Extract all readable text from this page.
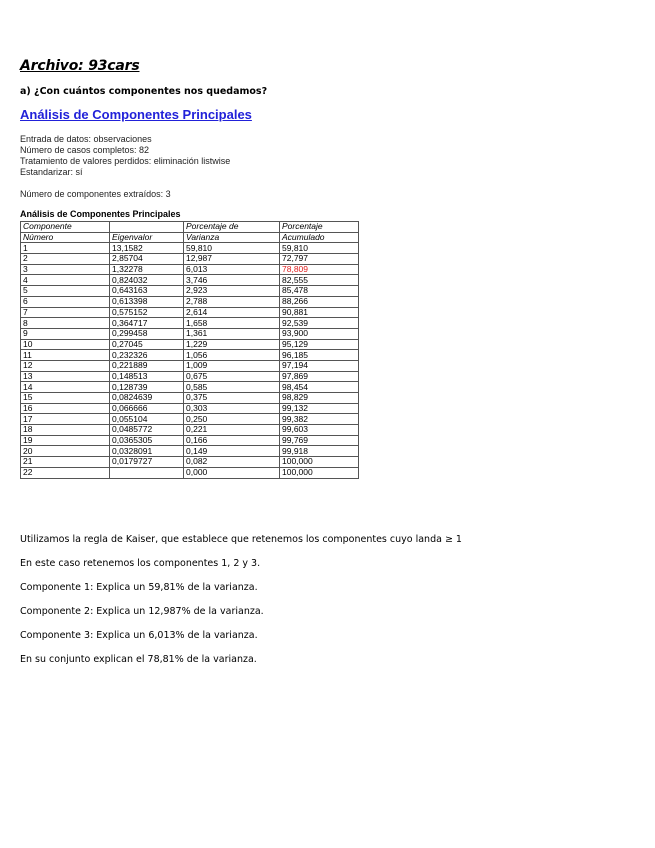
Archivo: 93cars
a) ¿Con cuántos componentes nos quedamos?
Análisis de Componentes Principales
Entrada de datos: observaciones
Número de casos completos: 82
Tratamiento de valores perdidos: eliminación listwise
Estandarizar: sí
Número de componentes extraídos: 3
Análisis de Componentes Principales
Componente		Porcentaje de	Porcentaje
Número	Eigenvalor	Varianza	Acumulado
1	13,1582	59,810	59,810
2	2,85704	12,987	72,797
3	1,32278	6,013	78,809
4	0,824032	3,746	82,555
5	0,643163	2,923	85,478
6	0,613398	2,788	88,266
7	0,575152	2,614	90,881
8	0,364717	1,658	92,539
9	0,299458	1,361	93,900
10	0,27045	1,229	95,129
11	0,232326	1,056	96,185
12	0,221889	1,009	97,194
13	0,148513	0,675	97,869
14	0,128739	0,585	98,454
15	0,0824639	0,375	98,829
16	0,066666	0,303	99,132
17	0,055104	0,250	99,382
18	0,0485772	0,221	99,603
19	0,0365305	0,166	99,769
20	0,0328091	0,149	99,918
21	0,0179727	0,082	100,000
22		0,000	100,000
Utilizamos la regla de Kaiser, que establece que retenemos los componentes cuyo landa ≥ 1
En este caso retenemos los componentes 1, 2 y 3.
Componente 1: Explica un 59,81% de la varianza.
Componente 2: Explica un 12,987% de la varianza.
Componente 3: Explica un 6,013% de la varianza.
En su conjunto explican el 78,81% de la varianza.
